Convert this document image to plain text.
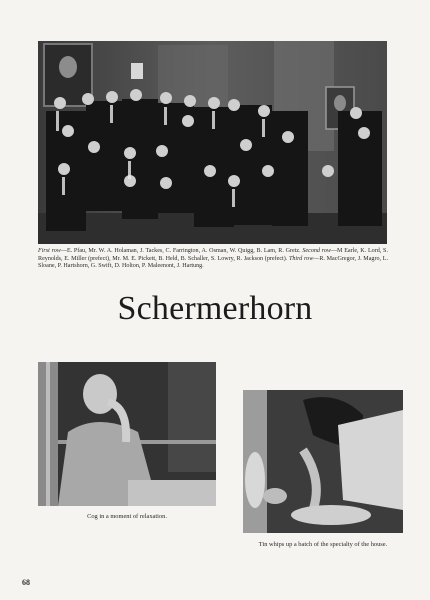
First row—E. Pfau, Mr. W. A. Holaman, J. Tackes, C. Farrington, A. Osman, W. Quigg, B. Lam, R. Gretz. Second row—M Earle, K. Lord, S. Reynolds, E. Miller (prefect), Mr. M. E. Pickett, B. Held, B. Schaller, S. Lowry, R. Jackson (prefect). Third row—R. MacGregor, J. Magro, L. Sloane, P. Hartshorn, G. Swift, D. Holton, P. Maleenont, J. Hartung.
Schermerhorn
Cog in a moment of relaxation.
Tin whips up a batch of the specialty of the house.
68
